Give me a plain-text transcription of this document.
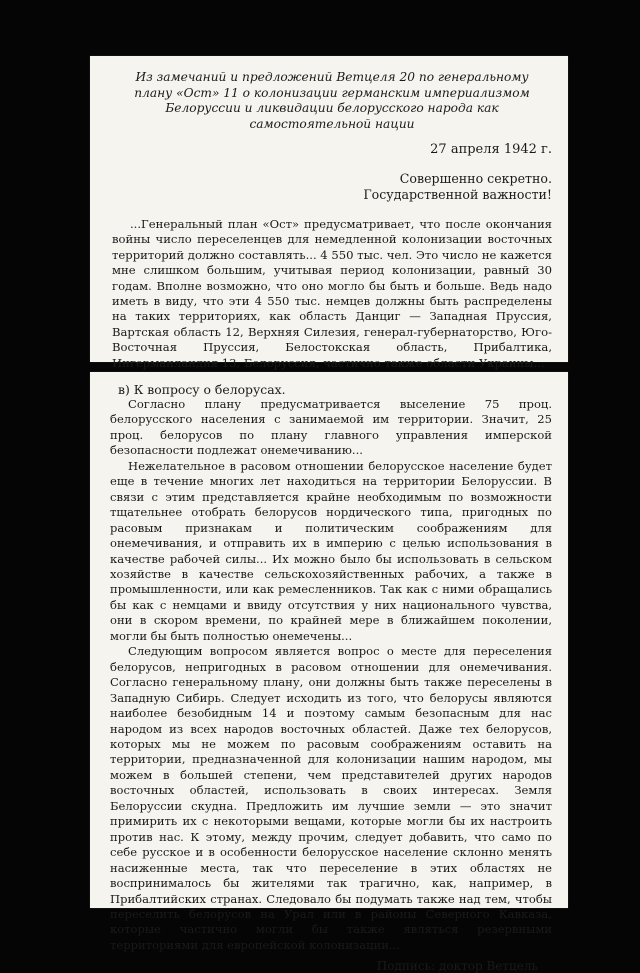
Из замечаний и предложений Ветцеля 20 по генеральному плану «Ост» 11 о колонизации германским империализмом Белоруссии и ликвидации белорусского народа как самостоятельной нации

27 апреля 1942 г.
Совершенно секретно.
Государственной важности!

...Генеральный план «Ост» предусматривает, что после окончания войны число переселенцев для немедленной колонизации восточных территорий должно составлять... 4 550 тыс. чел. Это число не кажется мне слишком большим, учитывая период колонизации, равный 30 годам. Вполне возможно, что оно могло бы быть и больше. Ведь надо иметь в виду, что эти 4 550 тыс. немцев должны быть распределены на таких территориях, как область Данциг — Западная Пруссия, Вартская область 12, Верхняя Силезия, генерал-губернаторство, Юго-Восточная Пруссия, Белостокская область, Прибалтика, Ингерманландия 13, Белоруссия, частично также области Украины...

в) К вопросу о белорусах.

Согласно плану предусматривается выселение 75 проц. белорусского населения с занимаемой им территории. Значит, 25 проц. белорусов по плану главного управления имперской безопасности подлежат онемечиванию...

Нежелательное в расовом отношении белорусское население будет еще в течение многих лет находиться на территории Белоруссии. В связи с этим представляется крайне необходимым по возможности тщательнее отобрать белорусов нордического типа, пригодных по расовым признакам и политическим соображениям для онемечивания, и отправить их в империю с целью использования в качестве рабочей силы... Их можно было бы использовать в сельском хозяйстве в качестве сельскохозяйственных рабочих, а также в промышленности, или как ремесленников. Так как с ними обращались бы как с немцами и ввиду отсутствия у них национального чувства, они в скором времени, по крайней мере в ближайшем поколении, могли бы быть полностью онемечены...

Следующим вопросом является вопрос о месте для переселения белорусов, непригодных в расовом отношении для онемечивания. Согласно генеральному плану, они должны быть также переселены в Западную Сибирь. Следует исходить из того, что белорусы являются наиболее безобидным 14 и поэтому самым безопасным для нас народом из всех народов восточных областей. Даже тех белорусов, которых мы не можем по расовым соображениям оставить на территории, предназначенной для колонизации нашим народом, мы можем в большей степени, чем представителей других народов восточных областей, использовать в своих интересах. Земля Белоруссии скудна. Предложить им лучшие земли — это значит примирить их с некоторыми вещами, которые могли бы их настроить против нас. К этому, между прочим, следует добавить, что само по себе русское и в особенности белорусское население склонно менять насиженные места, так что переселение в этих областях не воспринималось бы жителями так трагично, как, например, в Прибалтийских странах. Следовало бы подумать также над тем, чтобы переселить белорусов на Урал или в районы Северного Кавказа, которые частично могли бы также являться резервными территориями для европейской колонизации...

Подпись: доктор Ветцель
